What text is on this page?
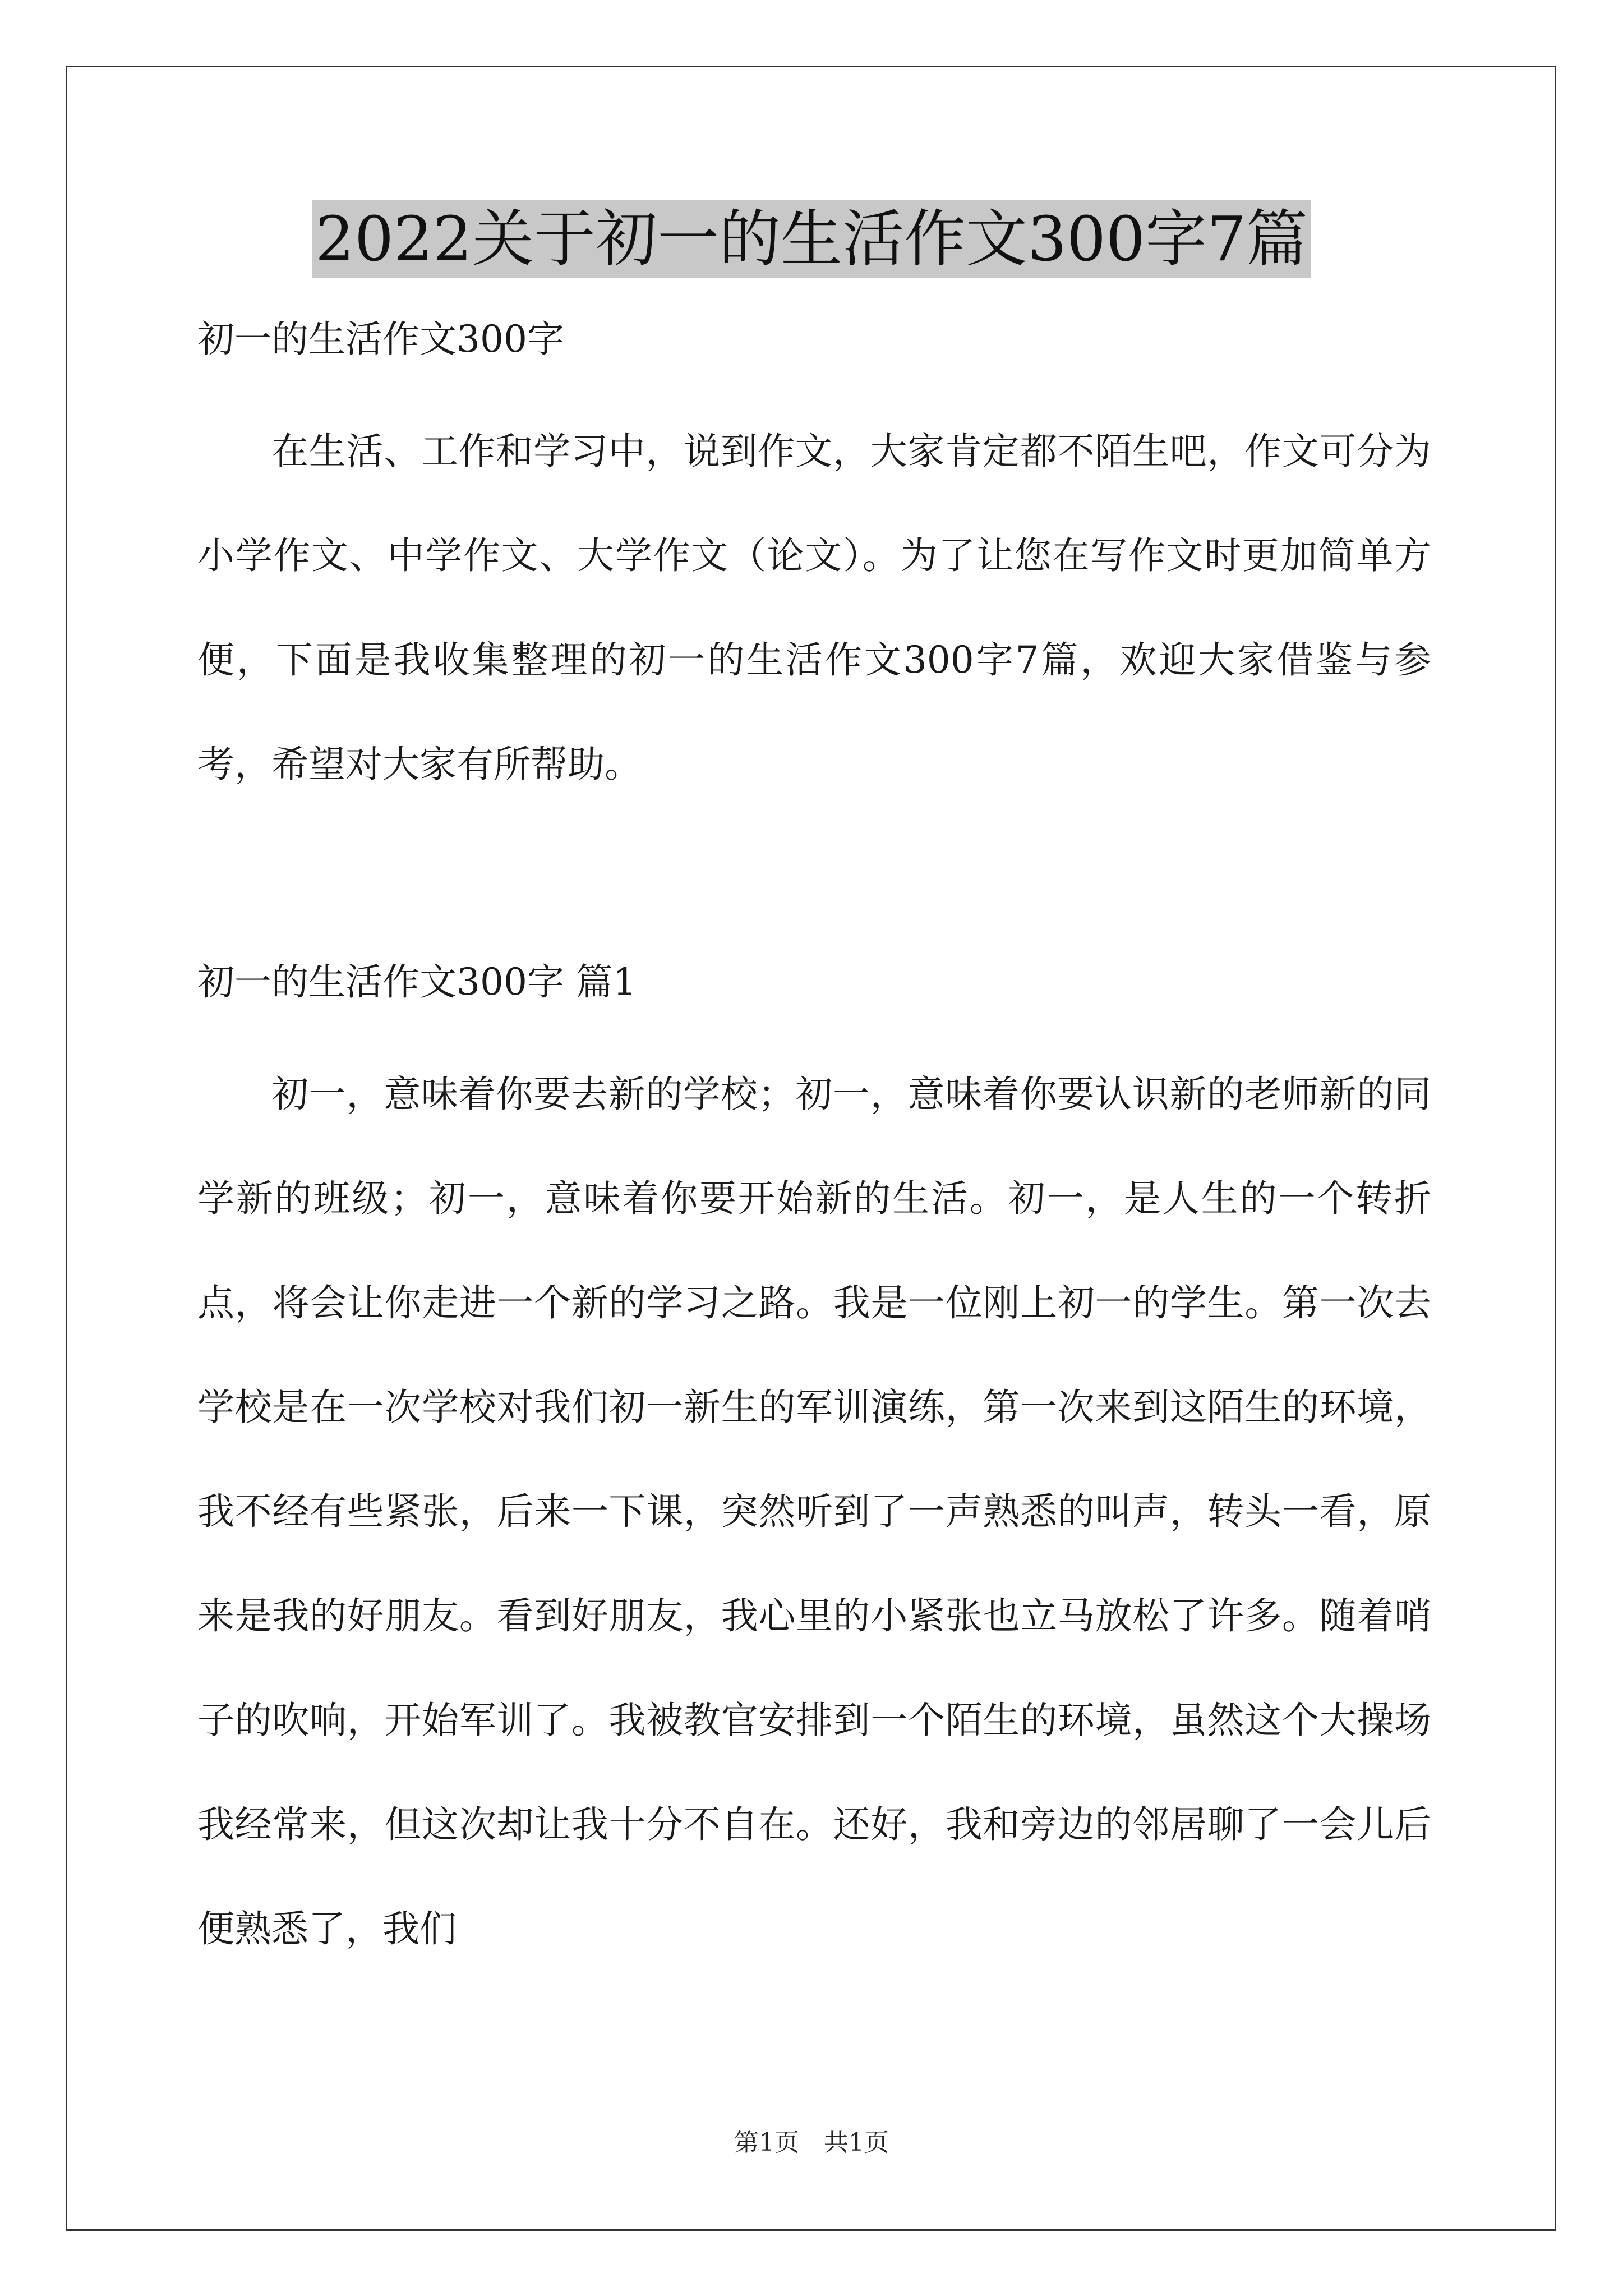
2022关于初一的生活作文300字7篇

初一的生活作文300字

在生活、工作和学习中，说到作文，大家肯定都不陌生吧，作文可分为小学作文、中学作文、大学作文（论文）。为了让您在写作文时更加简单方便，下面是我收集整理的初一的生活作文300字7篇，欢迎大家借鉴与参考，希望对大家有所帮助。

初一的生活作文300字 篇1

初一，意味着你要去新的学校；初一，意味着你要认识新的老师新的同学新的班级；初一，意味着你要开始新的生活。初一，是人生的一个转折点，将会让你走进一个新的学习之路。我是一位刚上初一的学生。第一次去学校是在一次学校对我们初一新生的军训演练，第一次来到这陌生的环境，我不经有些紧张，后来一下课，突然听到了一声熟悉的叫声，转头一看，原来是我的好朋友。看到好朋友，我心里的小紧张也立马放松了许多。随着哨子的吹响，开始军训了。我被教官安排到一个陌生的环境，虽然这个大操场我经常来，但这次却让我十分不自在。还好，我和旁边的邻居聊了一会儿后便熟悉了，我们

第1页　共1页
